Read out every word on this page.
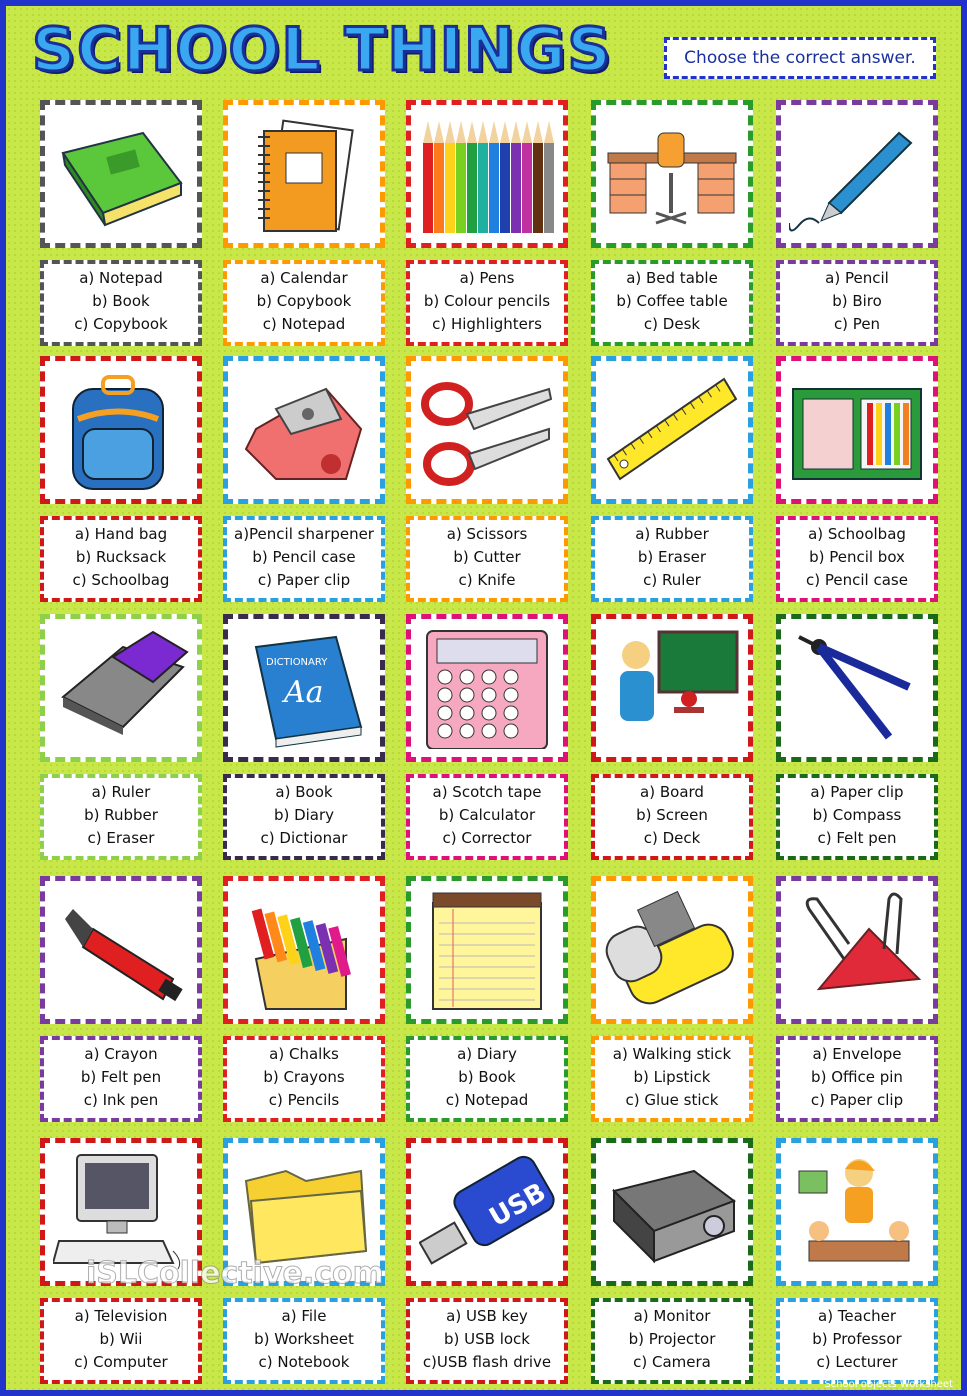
SCHOOL THINGS	Choose the correct answer.
a) Notepad
b) Book
c) Copybook
a) Calendar
b) Copybook
c) Notepad
a) Pens
b) Colour pencils
c) Highlighters
a) Bed table
b) Coffee table
c) Desk
a) Pencil
b) Biro
c) Pen
a) Hand bag
b) Rucksack
c) Schoolbag
a)Pencil sharpener
b) Pencil case
c) Paper clip
a) Scissors
b) Cutter
c) Knife
a) Rubber
b) Eraser
c) Ruler
a) Schoolbag
b) Pencil box
c) Pencil case
a) Ruler
b) Rubber
c) Eraser
Aa
DICTIONARY
a) Book
b) Diary
c) Dictionar
a) Scotch tape
b) Calculator
c) Corrector
a) Board
b) Screen
c) Deck
a) Paper clip
b) Compass
c) Felt pen
a) Crayon
b) Felt pen
c) Ink pen
a) Chalks
b) Crayons
c) Pencils
a) Diary
b) Book
c) Notepad
a) Walking stick
b) Lipstick
c) Glue stick
a) Envelope
b) Office pin
c) Paper clip
a) Television
b) Wii
c) Computer
a) File
b) Worksheet
c) Notebook
USB
a) USB key
b) USB lock
c)USB flash drive
a) Monitor
b) Projector
c) Camera
a) Teacher
b) Professor
c) Lecturer
iSLCollective.com
School objects Worksheet
